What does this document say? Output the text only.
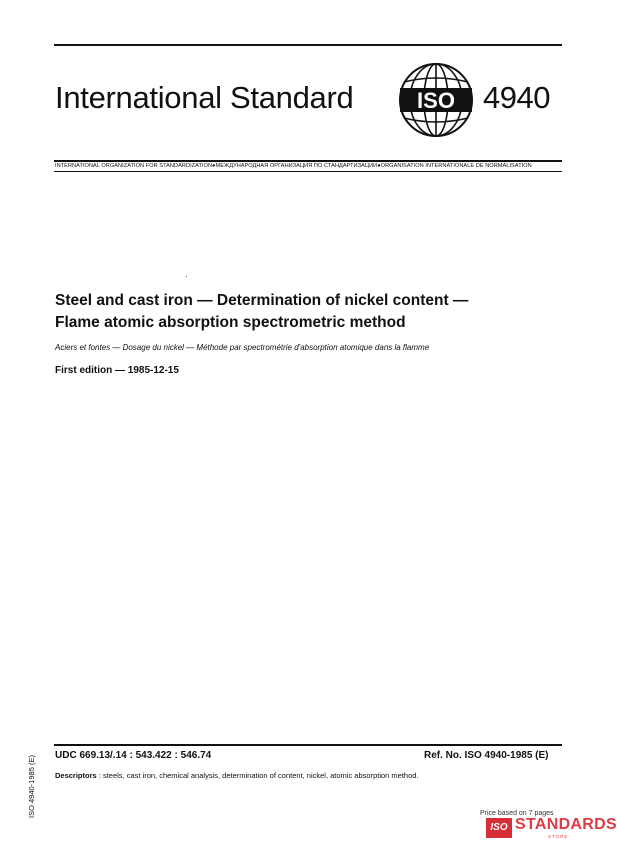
International Standard	ISO 4940
INTERNATIONAL ORGANIZATION FOR STANDARDIZATION●МЕЖДУНАРОДНАЯ ОРГАНИЗАЦИЯ ПО СТАНДАРТИЗАЦИИ●ORGANISATION INTERNATIONALE DE NORMALISATION
Steel and cast iron — Determination of nickel content —
Flame atomic absorption spectrometric method
Aciers et fontes — Dosage du nickel — Méthode par spectrométrie d'absorption atomique dans la flamme
First edition — 1985-12-15
UDC 669.13/.14 : 543.422 : 546.74	Ref. No. ISO 4940-1985 (E)
Descriptors : steels, cast iron, chemical analysis, determination of content, nickel, atomic absorption method.
ISO 4940-1985 (E)	Price based on 7 pages
ISO STANDARDS
STORE
